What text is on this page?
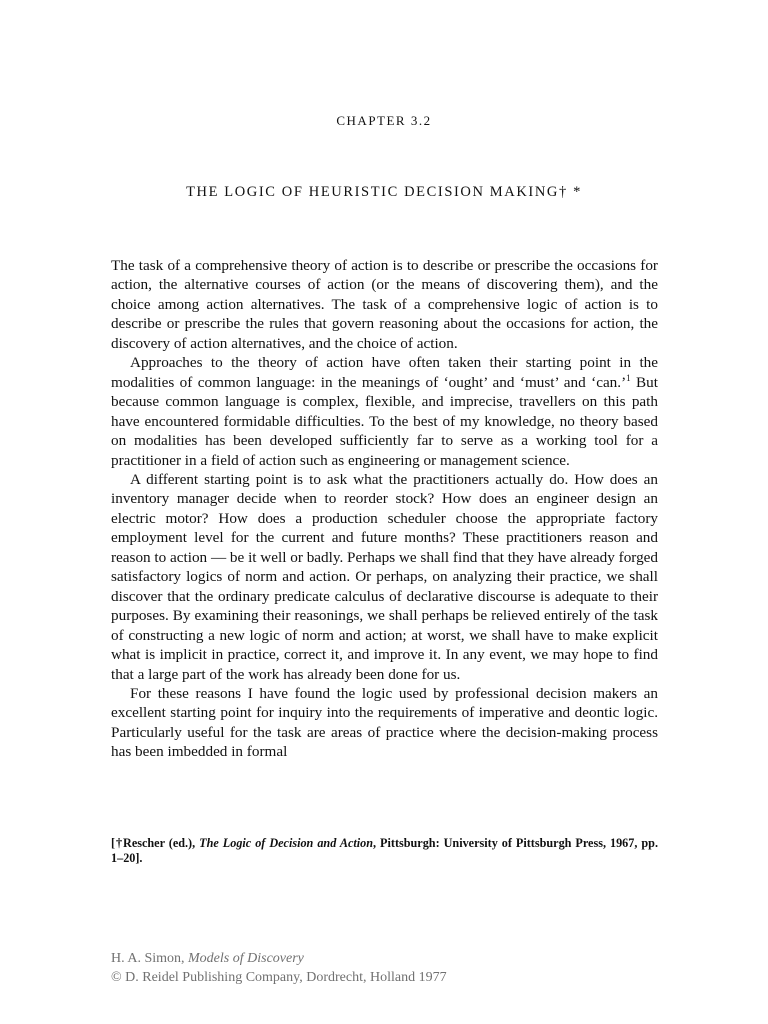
CHAPTER 3.2
THE LOGIC OF HEURISTIC DECISION MAKING† *

The task of a comprehensive theory of action is to describe or prescribe the occasions for action, the alternative courses of action (or the means of discovering them), and the choice among action alternatives. The task of a comprehensive logic of action is to describe or prescribe the rules that govern reasoning about the occasions for action, the discovery of action alternatives, and the choice of action.

Approaches to the theory of action have often taken their starting point in the modalities of common language: in the meanings of ‘ought’ and ‘must’ and ‘can.’$^1$ But because common language is complex, flexible, and imprecise, travellers on this path have encountered formidable difficulties. To the best of my knowledge, no theory based on modalities has been developed sufficiently far to serve as a working tool for a practitioner in a field of action such as engineering or management science.

A different starting point is to ask what the practitioners actually do. How does an inventory manager decide when to reorder stock? How does an engineer design an electric motor? How does a production scheduler choose the appropriate factory employment level for the current and future months? These practitioners reason and reason to action — be it well or badly. Perhaps we shall find that they have already forged satisfactory logics of norm and action. Or perhaps, on analyzing their practice, we shall discover that the ordinary predicate calculus of declarative discourse is adequate to their purposes. By examining their reasonings, we shall perhaps be relieved entirely of the task of constructing a new logic of norm and action; at worst, we shall have to make explicit what is implicit in practice, correct it, and improve it. In any event, we may hope to find that a large part of the work has already been done for us.

For these reasons I have found the logic used by professional decision makers an excellent starting point for inquiry into the requirements of imperative and deontic logic. Particularly useful for the task are areas of practice where the decision-making process has been imbedded in formal

[†Rescher (ed.), The Logic of Decision and Action, Pittsburgh: University of Pittsburgh Press, 1967, pp. 1–20].
H. A. Simon, Models of Discovery
© D. Reidel Publishing Company, Dordrecht, Holland 1977
